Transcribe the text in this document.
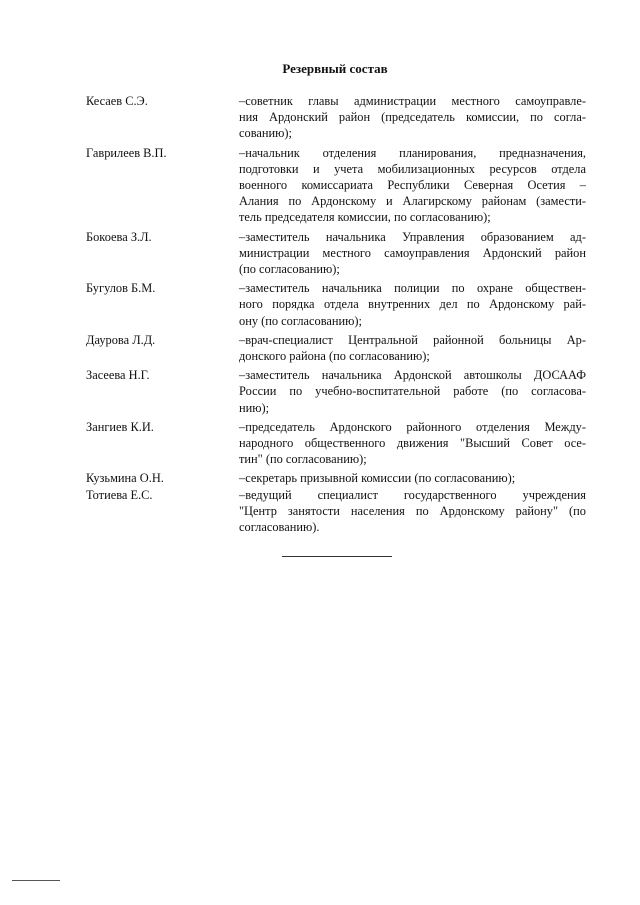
Резервный состав
Кесаев С.Э.	–советник главы администрации местного самоуправле-
ния Ардонский район (председатель комиссии, по согла-
сованию);
Гаврилеев В.П.	–начальник отделения планирования, предназначения,
подготовки и учета мобилизационных ресурсов отдела
военного комиссариата Республики Северная Осетия –
Алания по Ардонскому и Алагирскому районам (замести-
тель председателя комиссии, по согласованию);
Бокоева З.Л.	–заместитель начальника Управления образованием ад-
министрации местного самоуправления Ардонский район
(по согласованию);
Бугулов Б.М.	–заместитель начальника полиции по охране обществен-
ного порядка отдела внутренних дел по Ардонскому рай-
ону (по согласованию);
Даурова Л.Д.	–врач-специалист Центральной районной больницы Ар-
донского района (по согласованию);
Засеева Н.Г.	–заместитель начальника Ардонской автошколы ДОСААФ
России по учебно-воспитательной работе (по согласова-
нию);
Зангиев К.И.	–председатель Ардонского районного отделения Между-
народного общественного движения "Высший Совет осе-
тин" (по согласованию);
Кузьмина О.Н.	–секретарь призывной комиссии (по согласованию);
Тотиева Е.С.	–ведущий специалист государственного учреждения
"Центр занятости населения по Ардонскому району" (по
согласованию).
